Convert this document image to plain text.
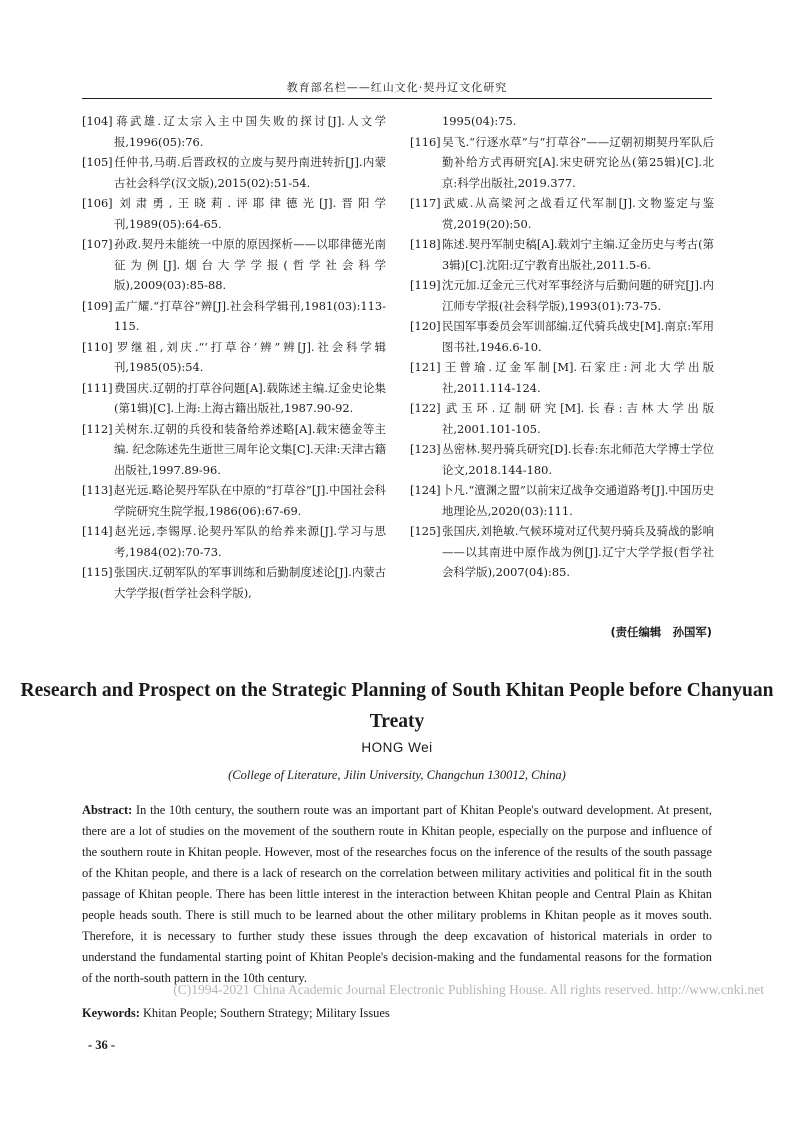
教育部名栏——红山文化·契丹辽文化研究
[104]蒋武雄.辽太宗入主中国失败的探讨[J].人文学报,1996(05):76.
[105]任仲书,马萌.后晋政权的立废与契丹南进转折[J].内蒙古社会科学(汉文版),2015(02):51-54.
[106]刘肃勇,王晓莉.评耶律德光[J].晋阳学刊,1989(05):64-65.
[107]孙政.契丹未能统一中原的原因探析——以耶律德光南征为例[J].烟台大学学报(哲学社会科学版),2009(03):85-88.
[109]孟广耀.“打草谷”辨[J].社会科学辑刊,1981(03):113-115.
[110]罗继祖,刘庆.“‘打草谷’辨”辨[J].社会科学辑刊,1985(05):54.
[111]费国庆.辽朝的打草谷问题[A].载陈述主编.辽金史论集(第1辑)[C].上海:上海古籍出版社,1987.90-92.
[112]关树东.辽朝的兵役和装备给养述略[A].载宋德金等主编. 纪念陈述先生逝世三周年论文集[C].天津:天津古籍出版社,1997.89-96.
[113]赵光远.略论契丹军队在中原的“打草谷”[J].中国社会科学院研究生院学报,1986(06):67-69.
[114]赵光远,李锡厚.论契丹军队的给养来源[J].学习与思考,1984(02):70-73.
[115]张国庆.辽朝军队的军事训练和后勤制度述论[J].内蒙古大学学报(哲学社会科学版),
1995(04):75.
[116]吴飞.“行逐水草”与“打草谷”——辽朝初期契丹军队后勤补给方式再研究[A].宋史研究论丛(第25辑)[C].北京:科学出版社,2019.377.
[117]武威.从高梁河之战看辽代军制[J].文物鉴定与鉴赏,2019(20):50.
[118]陈述.契丹军制史稿[A].载刘宁主编.辽金历史与考古(第3辑)[C].沈阳:辽宁教育出版社,2011.5-6.
[119]沈元加.辽金元三代对军事经济与后勤问题的研究[J].内江师专学报(社会科学版),1993(01):73-75.
[120]民国军事委员会军训部编.辽代骑兵战史[M].南京:军用图书社,1946.6-10.
[121]王曾瑜.辽金军制[M].石家庄:河北大学出版社,2011.114-124.
[122]武玉环.辽制研究[M].长春:吉林大学出版社,2001.101-105.
[123]丛密林.契丹骑兵研究[D].长春:东北师范大学博士学位论文,2018.144-180.
[124]卜凡.“澶渊之盟”以前宋辽战争交通道路考[J].中国历史地理论丛,2020(03):111.
[125]张国庆,刘艳敏.气候环境对辽代契丹骑兵及骑战的影响——以其南进中原作战为例[J].辽宁大学学报(哲学社会科学版),2007(04):85.
(责任编辑　孙国军)
Research and Prospect on the Strategic Planning of South Khitan People before Chanyuan Treaty
HONG Wei
(College of Literature, Jilin University, Changchun 130012, China)
Abstract: In the 10th century, the southern route was an important part of Khitan People's outward development. At present, there are a lot of studies on the movement of the southern route in Khitan people, especially on the purpose and influence of the southern route in Khitan people. However, most of the researches focus on the inference of the results of the south passage of the Khitan people, and there is a lack of research on the correlation between military activities and political fit in the south passage of Khitan people. There has been little interest in the interaction between Khitan people and Central Plain as Khitan people heads south. There is still much to be learned about the other military problems in Khitan people as it moves south. Therefore, it is necessary to further study these issues through the deep excavation of historical materials in order to understand the fundamental starting point of Khitan People's decision-making and the fundamental reasons for the formation of the north-south pattern in the 10th century.
(C)1994-2021 China Academic Journal Electronic Publishing House. All rights reserved. http://www.cnki.net
Keywords: Khitan People; Southern Strategy; Military Issues
- 36 -
